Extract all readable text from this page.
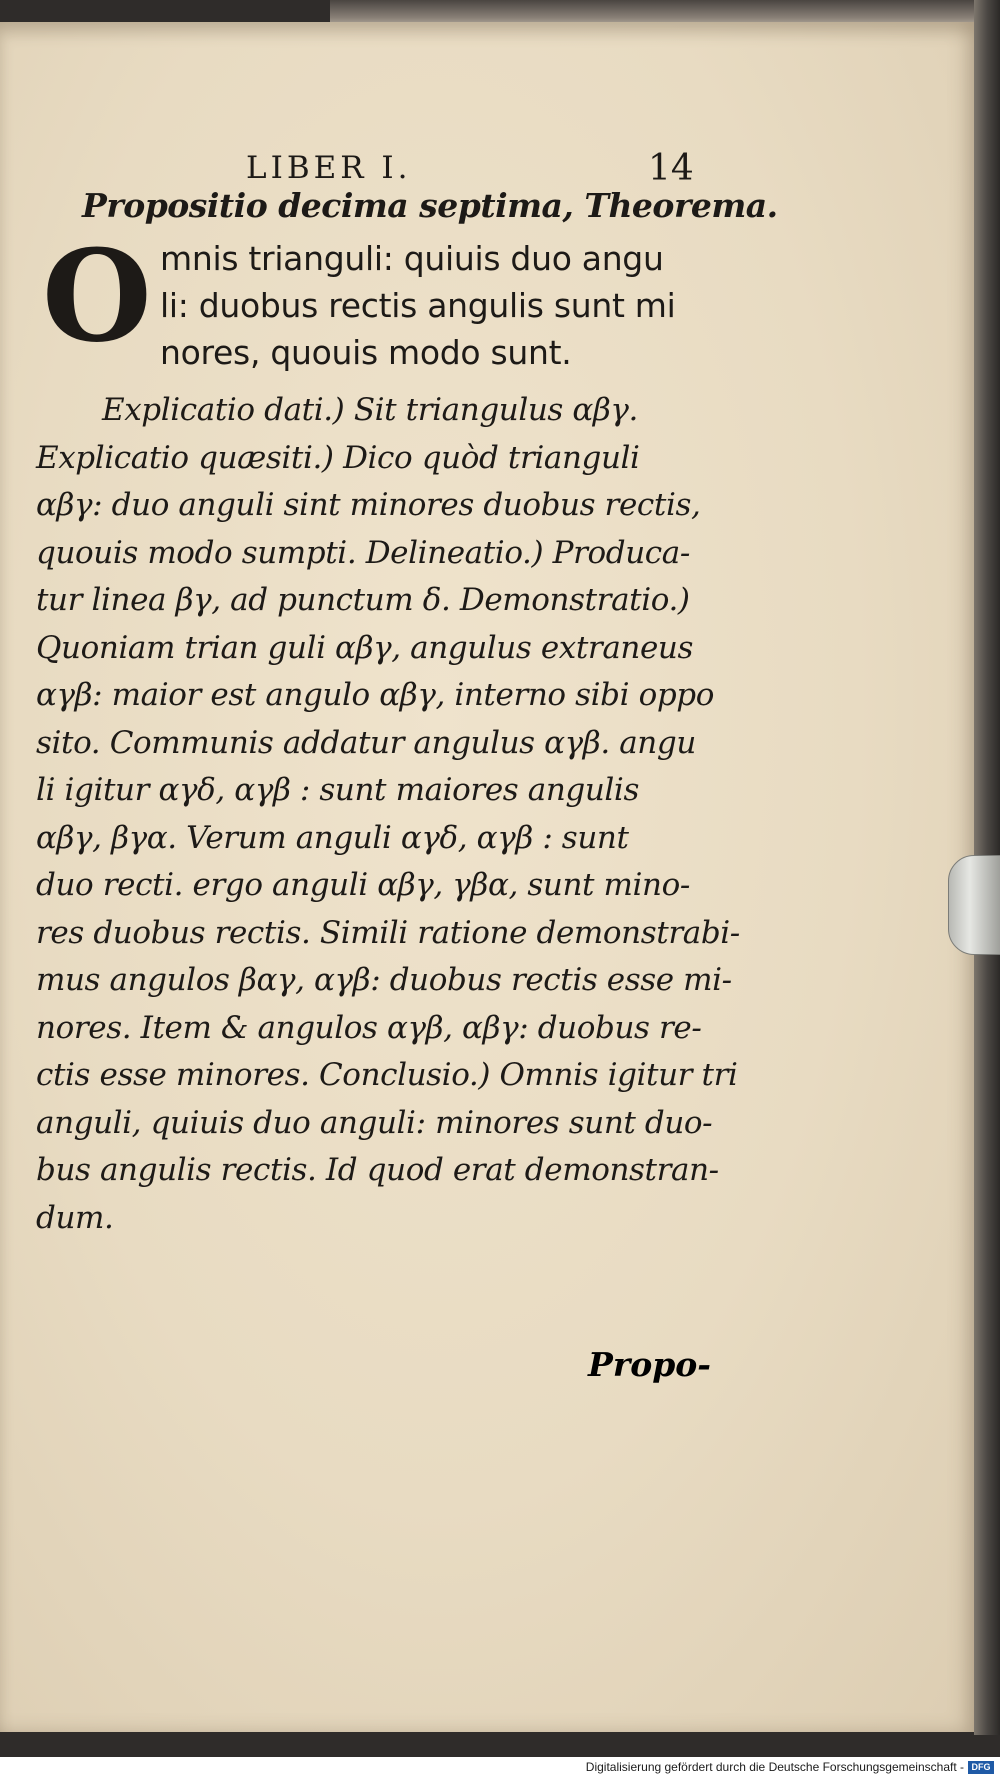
LIBER I.	14
Propositio decima septima, Theorema.
O mnis trianguli: quiuis duo angu
li: duobus rectis angulis sunt mi
nores, quouis modo sunt.
Explicatio dati.) Sit triangulus αβγ.
Explicatio quæsiti.) Dico quòd trianguli
αβγ: duo anguli sint minores duobus rectis,
quouis modo sumpti. Delineatio.) Produca-
tur linea βγ, ad punctum δ. Demonstratio.)
Quoniam trian guli αβγ, angulus extraneus
αγβ: maior est angulo αβγ, interno sibi oppo
sito. Communis addatur angulus αγβ. angu
li igitur αγδ, αγβ : sunt maiores angulis
αβγ, βγα. Verum anguli αγδ, αγβ : sunt
duo recti. ergo anguli αβγ, γβα, sunt mino-
res duobus rectis. Simili ratione demonstrabi-
mus angulos βαγ, αγβ: duobus rectis esse mi-
nores. Item & angulos αγβ, αβγ: duobus re-
ctis esse minores. Conclusio.) Omnis igitur tri
anguli, quiuis duo anguli: minores sunt duo-
bus angulis rectis. Id quod erat demonstran-
dum.
Propo-
Digitalisierung gefördert durch die Deutsche Forschungsgemeinschaft - DFG
